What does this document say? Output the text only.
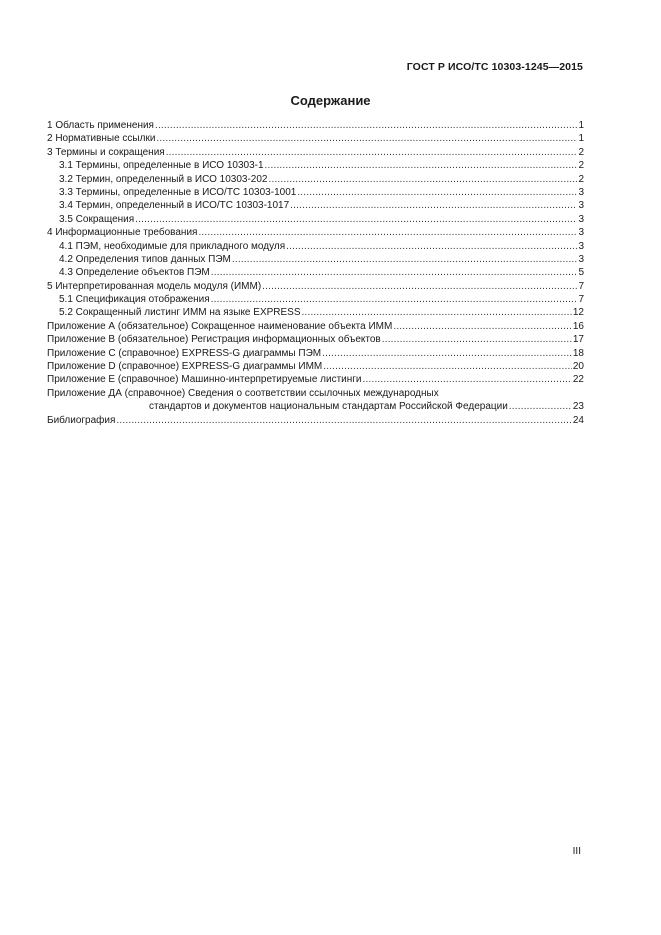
ГОСТ Р ИСО/ТС 10303-1245—2015
Содержание
1 Область применения .....	1
2 Нормативные ссылки .....	1
3 Термины и сокращения .....	2
3.1 Термины, определенные в ИСО 10303-1 .....	2
3.2 Термин, определенный в ИСО 10303-202 .....	2
3.3 Термины, определенные в ИСО/ТС 10303-1001 .....	3
3.4 Термин, определенный в ИСО/ТС 10303-1017 .....	3
3.5 Сокращения .....	3
4 Информационные требования .....	3
4.1 ПЭМ, необходимые для прикладного модуля .....	3
4.2 Определения типов данных ПЭМ .....	3
4.3 Определение объектов ПЭМ .....	5
5 Интерпретированная модель модуля (ИММ) .....	7
5.1 Спецификация отображения .....	7
5.2 Сокращенный листинг ИММ на языке EXPRESS .....	12
Приложение А (обязательное) Сокращенное наименование объекта ИММ .....	16
Приложение В (обязательное) Регистрация информационных объектов .....	17
Приложение С (справочное) EXPRESS-G диаграммы ПЭМ .....	18
Приложение D (справочное) EXPRESS-G диаграммы ИММ .....	20
Приложение Е (справочное) Машинно-интерпретируемые листинги .....	22
Приложение ДА (справочное) Сведения о соответствии ссылочных международных
стандартов и документов национальным стандартам Российской Федерации .....	23
Библиография .....	24
III
